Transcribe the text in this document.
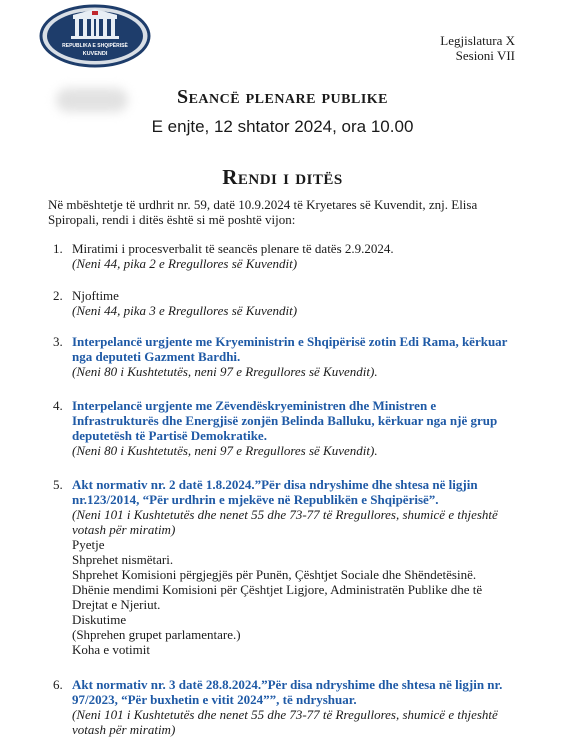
REPUBLIKA E SHQIPËRISË
KUVENDI
Legjislatura X
Sesioni VII
Seancë plenare publike
E enjte, 12 shtator 2024, ora 10.00
Rendi i ditës
Në mbështetje të urdhrit nr. 59, datë 10.9.2024 të Kryetares së Kuvendit, znj. Elisa
Spiropali, rendi i ditës është si më poshtë vijon:
1. Miratimi i procesverbalit të seancës plenare të datës 2.9.2024.
(Neni 44, pika 2 e Rregullores së Kuvendit)
2. Njoftime
(Neni 44, pika 3 e Rregullores së Kuvendit)
3. Interpelancë urgjente me Kryeministrin e Shqipërisë zotin Edi Rama, kërkuar
nga deputeti Gazment Bardhi.
(Neni 80 i Kushtetutës, neni 97 e Rregullores së Kuvendit).
4. Interpelancë urgjente me Zëvendëskryeministren dhe Ministren e
Infrastrukturës dhe Energjisë zonjën Belinda Balluku, kërkuar nga një grup
deputetësh të Partisë Demokratike.
(Neni 80 i Kushtetutës, neni 97 e Rregullores së Kuvendit).
5. Akt normativ nr. 2 datë 1.8.2024.”Për disa ndryshime dhe shtesa në ligjin
nr.123/2014, “Për urdhrin e mjekëve në Republikën e Shqipërisë”.
(Neni 101 i Kushtetutës dhe nenet 55 dhe 73-77 të Rregullores, shumicë e thjeshtë
votash për miratim)
Pyetje
Shprehet nismëtari.
Shprehet Komisioni përgjegjës për Punën, Çështjet Sociale dhe Shëndetësinë.
Dhënie mendimi Komisioni për Çështjet Ligjore, Administratën Publike dhe të
Drejtat e Njeriut.
Diskutime
(Shprehen grupet parlamentare.)
Koha e votimit
6. Akt normativ nr. 3 datë 28.8.2024.”Për disa ndryshime dhe shtesa në ligjin nr.
97/2023, “Për buxhetin e vitit 2024””, të ndryshuar.
(Neni 101 i Kushtetutës dhe nenet 55 dhe 73-77 të Rregullores, shumicë e thjeshtë
votash për miratim)
